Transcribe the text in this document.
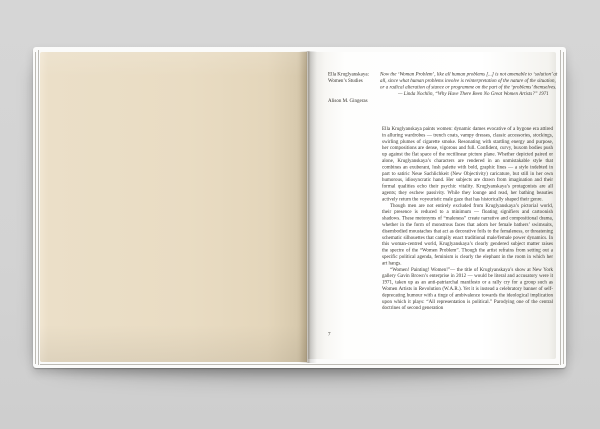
Ella Kruglyanskaya:
Women’s Studies
Alison M. Gingeras
Now the ‘Woman Problem’, like all human problems [...] is not amenable to ‘solution’ at all, since what human problems involve is reinterpretation of the nature of the situation, or a radical alteration of stance or programme on the part of the ‘problems’ themselves.
— Linda Nochlin, “Why Have There Been No Great Women Artists?” 1971

Ella Kruglyanskaya paints women: dynamic dames evocative of a bygone era attired in alluring wardrobes — trench coats, vampy dresses, classic accessories, stockings, swirling plumes of cigarette smoke. Resonating with startling energy and purpose, her compositions are dense, vigorous and full. Confident, curvy, buxom bodies push up against the flat space of the rectilinear picture plane. Whether depicted paired or alone, Kruglyanskaya’s characters are rendered in an unmistakable style that combines an exuberant, lush palette with bold, graphic lines — a style indebted in part to satiric Neue Sachlichkeit (New Objectivity) caricature, but still in her own humorous, idiosyncratic hand. Her subjects are drawn from imagination and their formal qualities echo their psychic vitality. Kruglyanskaya’s protagonists are all agents; they eschew passivity. While they lounge and read, her bathing beauties actively return the voyeuristic male gaze that has historically shaped their genre.

Though men are not entirely excluded from Kruglyanskaya’s pictorial world, their presence is reduced to a minimum — floating signifiers and cartoonish shadows. These metonyms of “maleness” create narrative and compositional drama, whether in the form of monstrous faces that adorn her female bathers’ swimsuits, disembodied moustaches that act as decorative foils to the femaleness, or threatening schematic silhouettes that campily enact traditional male/female power dynamics. In this woman-centred world, Kruglyanskaya’s clearly gendered subject matter raises the spectre of the “Women Problem”. Though the artist refrains from setting out a specific political agenda, feminism is clearly the elephant in the room in which her art hangs.

“Women! Painting! Women!”— the title of Kruglyanskaya’s show at New York gallery Gavin Brown’s enterprise in 2012 — would be literal and accusatory were it 1971, taken up as an anti-patriarchal manifesto or a rally cry for a group such as Women Artists in Revolution (W.A.R.). Yet it is instead a celebratory banner of self-deprecating humour with a tinge of ambivalence towards the ideological implication upon which it plays: “All representation is political.” Parodying one of the central doctrines of second generation

7
